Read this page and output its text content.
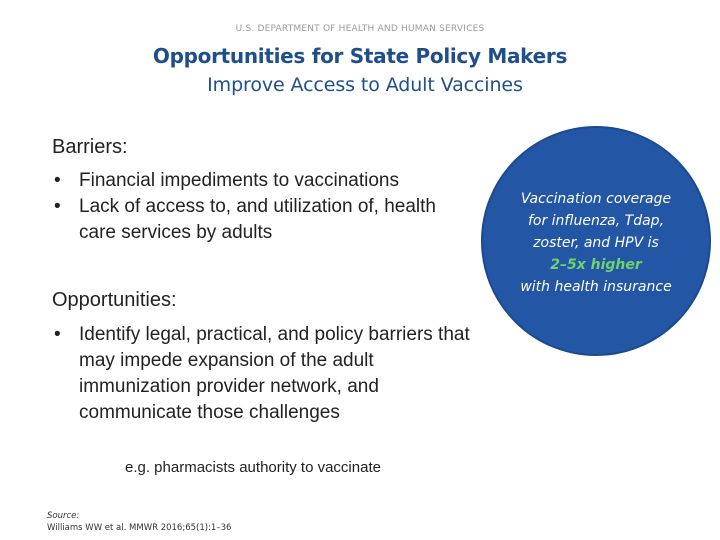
U.S. DEPARTMENT OF HEALTH AND HUMAN SERVICES
Opportunities for State Policy Makers
Improve Access to Adult Vaccines
Barriers:
• Financial impediments to vaccinations
• Lack of access to, and utilization of, health care services by adults
Opportunities:
• Identify legal, practical, and policy barriers that may impede expansion of the adult immunization provider network, and communicate those challenges
e.g. pharmacists authority to vaccinate
Vaccination coverage
for influenza, Tdap,
zoster, and HPV is
2–5x higher
with health insurance
Source:
Williams WW et al. MMWR 2016;65(1):1–36
